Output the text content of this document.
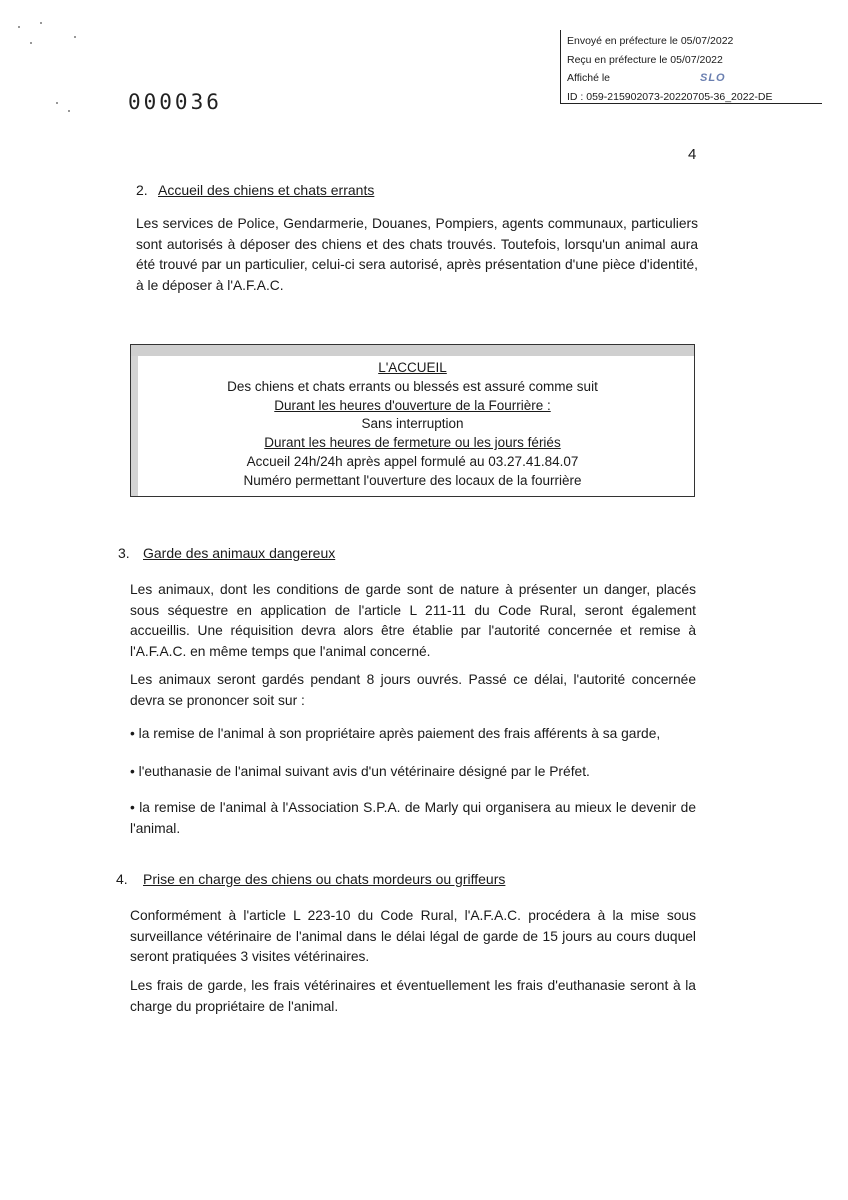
Envoyé en préfecture le 05/07/2022
Reçu en préfecture le 05/07/2022
Affiché le	SLO
ID : 059-215902073-20220705-36_2022-DE
000036
4
2. Accueil des chiens et chats errants
Les services de Police, Gendarmerie, Douanes, Pompiers, agents communaux, particuliers sont autorisés à déposer des chiens et des chats trouvés. Toutefois, lorsqu'un animal aura été trouvé par un particulier, celui-ci sera autorisé, après présentation d'une pièce d'identité, à le déposer à l'A.F.A.C.
L'ACCUEIL
Des chiens et chats errants ou blessés est assuré comme suit
Durant les heures d'ouverture de la Fourrière :
Sans interruption
Durant les heures de fermeture ou les jours fériés
Accueil 24h/24h après appel formulé au 03.27.41.84.07
Numéro permettant l'ouverture des locaux de la fourrière
3. Garde des animaux dangereux
Les animaux, dont les conditions de garde sont de nature à présenter un danger, placés sous séquestre en application de l'article L 211-11 du Code Rural, seront également accueillis. Une réquisition devra alors être établie par l'autorité concernée et remise à l'A.F.A.C. en même temps que l'animal concerné.
Les animaux seront gardés pendant 8 jours ouvrés. Passé ce délai, l'autorité concernée devra se prononcer soit sur :
• la remise de l'animal à son propriétaire après paiement des frais afférents à sa garde,
• l'euthanasie de l'animal suivant avis d'un vétérinaire désigné par le Préfet.
• la remise de l'animal à l'Association S.P.A. de Marly qui organisera au mieux le devenir de l'animal.
4. Prise en charge des chiens ou chats mordeurs ou griffeurs
Conformément à l'article L 223-10 du Code Rural, l'A.F.A.C. procédera à la mise sous surveillance vétérinaire de l'animal dans le délai légal de garde de 15 jours au cours duquel seront pratiquées 3 visites vétérinaires.
Les frais de garde, les frais vétérinaires et éventuellement les frais d'euthanasie seront à la charge du propriétaire de l'animal.
